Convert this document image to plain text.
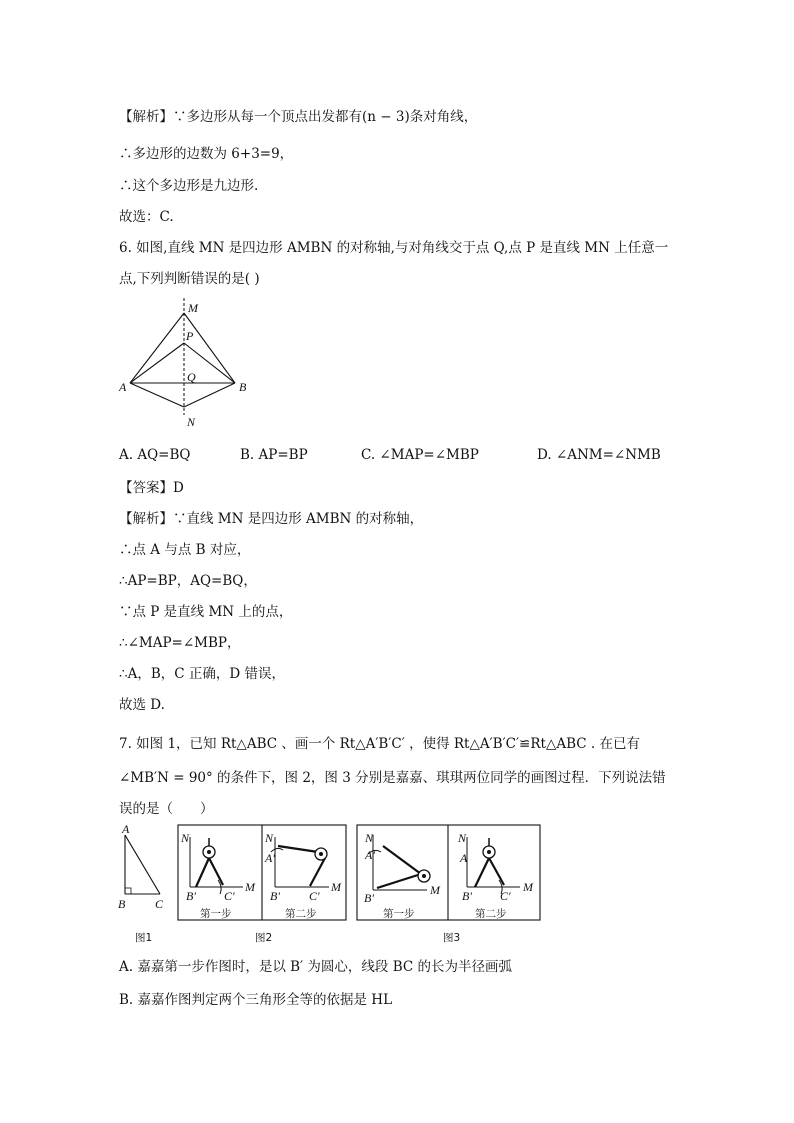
【解析】∵多边形从每一个顶点出发都有(n − 3)条对角线，
∴多边形的边数为 6+3=9，
∴这个多边形是九边形.
故选：C.
6. 如图,直线 MN 是四边形 AMBN 的对称轴,与对角线交于点 Q,点 P 是直线 MN 上任意一
点,下列判断错误的是( )
M
P
Q
A	B
N
A. AQ=BQ	B. AP=BP	C. ∠MAP=∠MBP	D. ∠ANM=∠NMB
【答案】D
【解析】∵直线 MN 是四边形 AMBN 的对称轴，
∴点 A 与点 B 对应，
∴AP=BP，AQ=BQ，
∵点 P 是直线 MN 上的点，
∴∠MAP=∠MBP，
∴A，B，C 正确，D 错误，
故选 D.
7. 如图 1，已知 Rt△ABC 、画一个 Rt△A′B′C′ ，使得 Rt△A′B′C′≌Rt△ABC . 在已有
∠MB′N = 90° 的条件下，图 2，图 3 分别是嘉嘉、琪琪两位同学的画图过程．下列说法错
误的是（　　）
A
B C
图1
N
M
B′ C′
第一步
N
M
B′ C′
A′
第二步
图2
N
M
B′
A′
第一步
N
M
A
B′ C′
第二步
图3
A. 嘉嘉第一步作图时，是以 B′ 为圆心，线段 BC 的长为半径画弧
B. 嘉嘉作图判定两个三角形全等的依据是 HL
